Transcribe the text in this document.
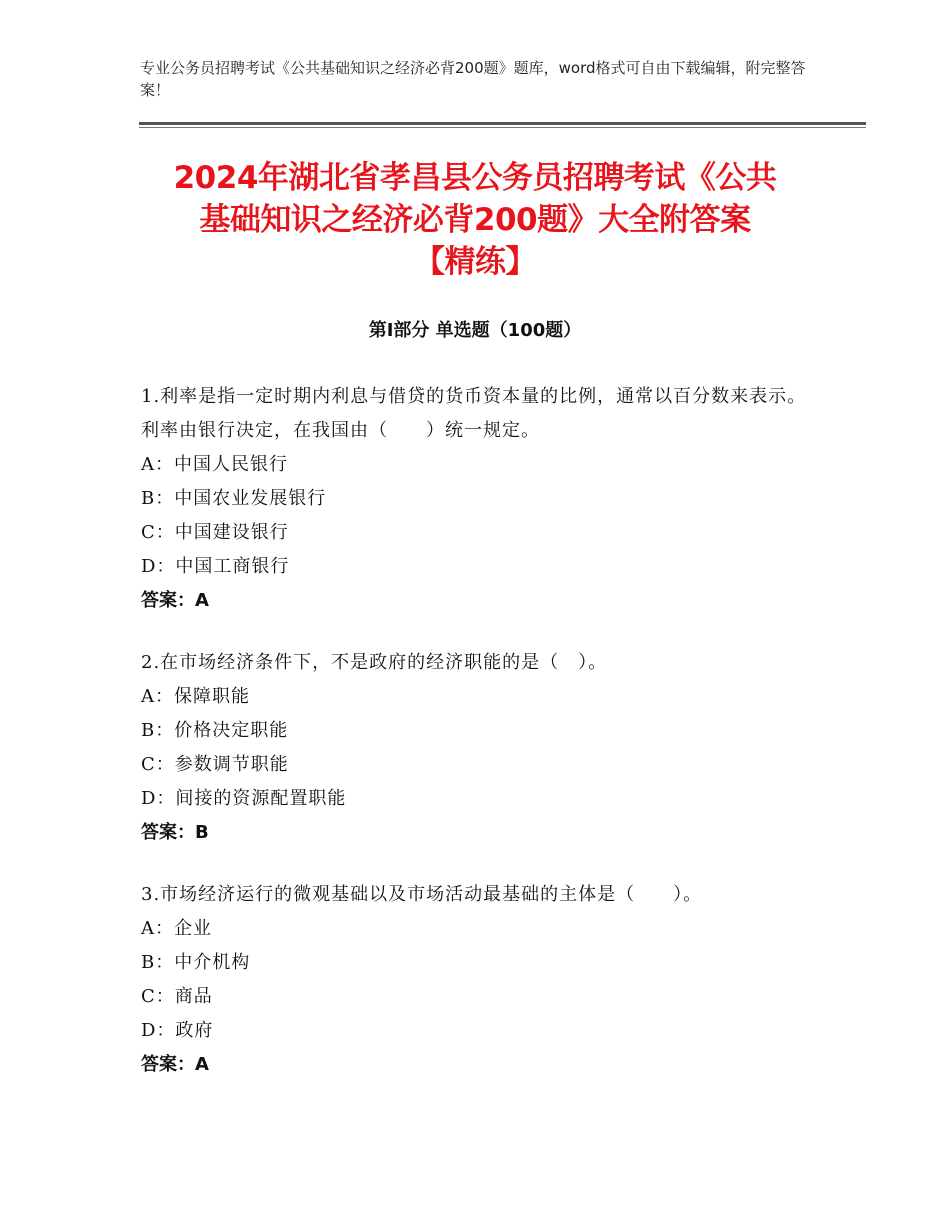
专业公务员招聘考试《公共基础知识之经济必背200题》题库，word格式可自由下载编辑，附完整答案！
2024年湖北省孝昌县公务员招聘考试《公共
基础知识之经济必背200题》大全附答案
【精练】
第Ⅰ部分 单选题（100题）

1.利率是指一定时期内利息与借贷的货币资本量的比例，通常以百分数来表示。利率由银行决定，在我国由（　　）统一规定。

A：中国人民银行

B：中国农业发展银行

C：中国建设银行

D：中国工商银行

答案：A

2.在市场经济条件下，不是政府的经济职能的是（　）。

A：保障职能

B：价格决定职能

C：参数调节职能

D：间接的资源配置职能

答案：B

3.市场经济运行的微观基础以及市场活动最基础的主体是（　　）。

A：企业

B：中介机构

C：商品

D：政府

答案：A
